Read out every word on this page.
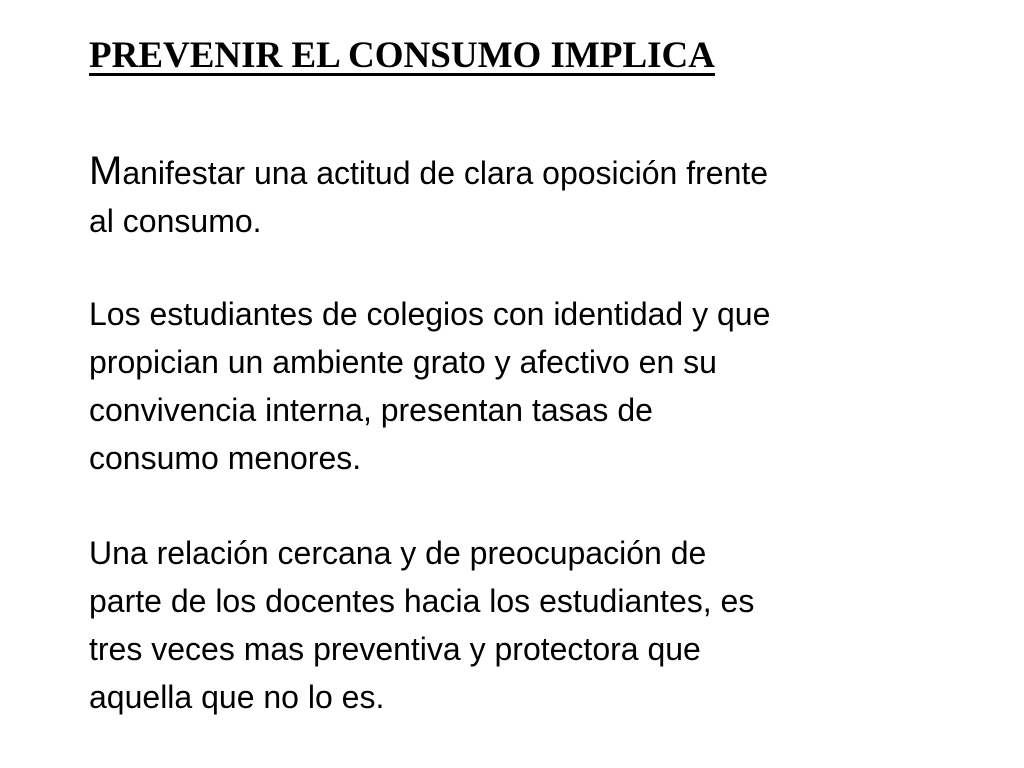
PREVENIR EL CONSUMO IMPLICA

Manifestar una actitud de clara oposición frente
al consumo.

Los estudiantes de colegios con identidad y que
propician un ambiente grato y afectivo en su
convivencia interna, presentan tasas de
consumo menores.

Una relación cercana y de preocupación de
parte de los docentes hacia los estudiantes, es
tres veces mas preventiva y protectora que
aquella que no lo es.
